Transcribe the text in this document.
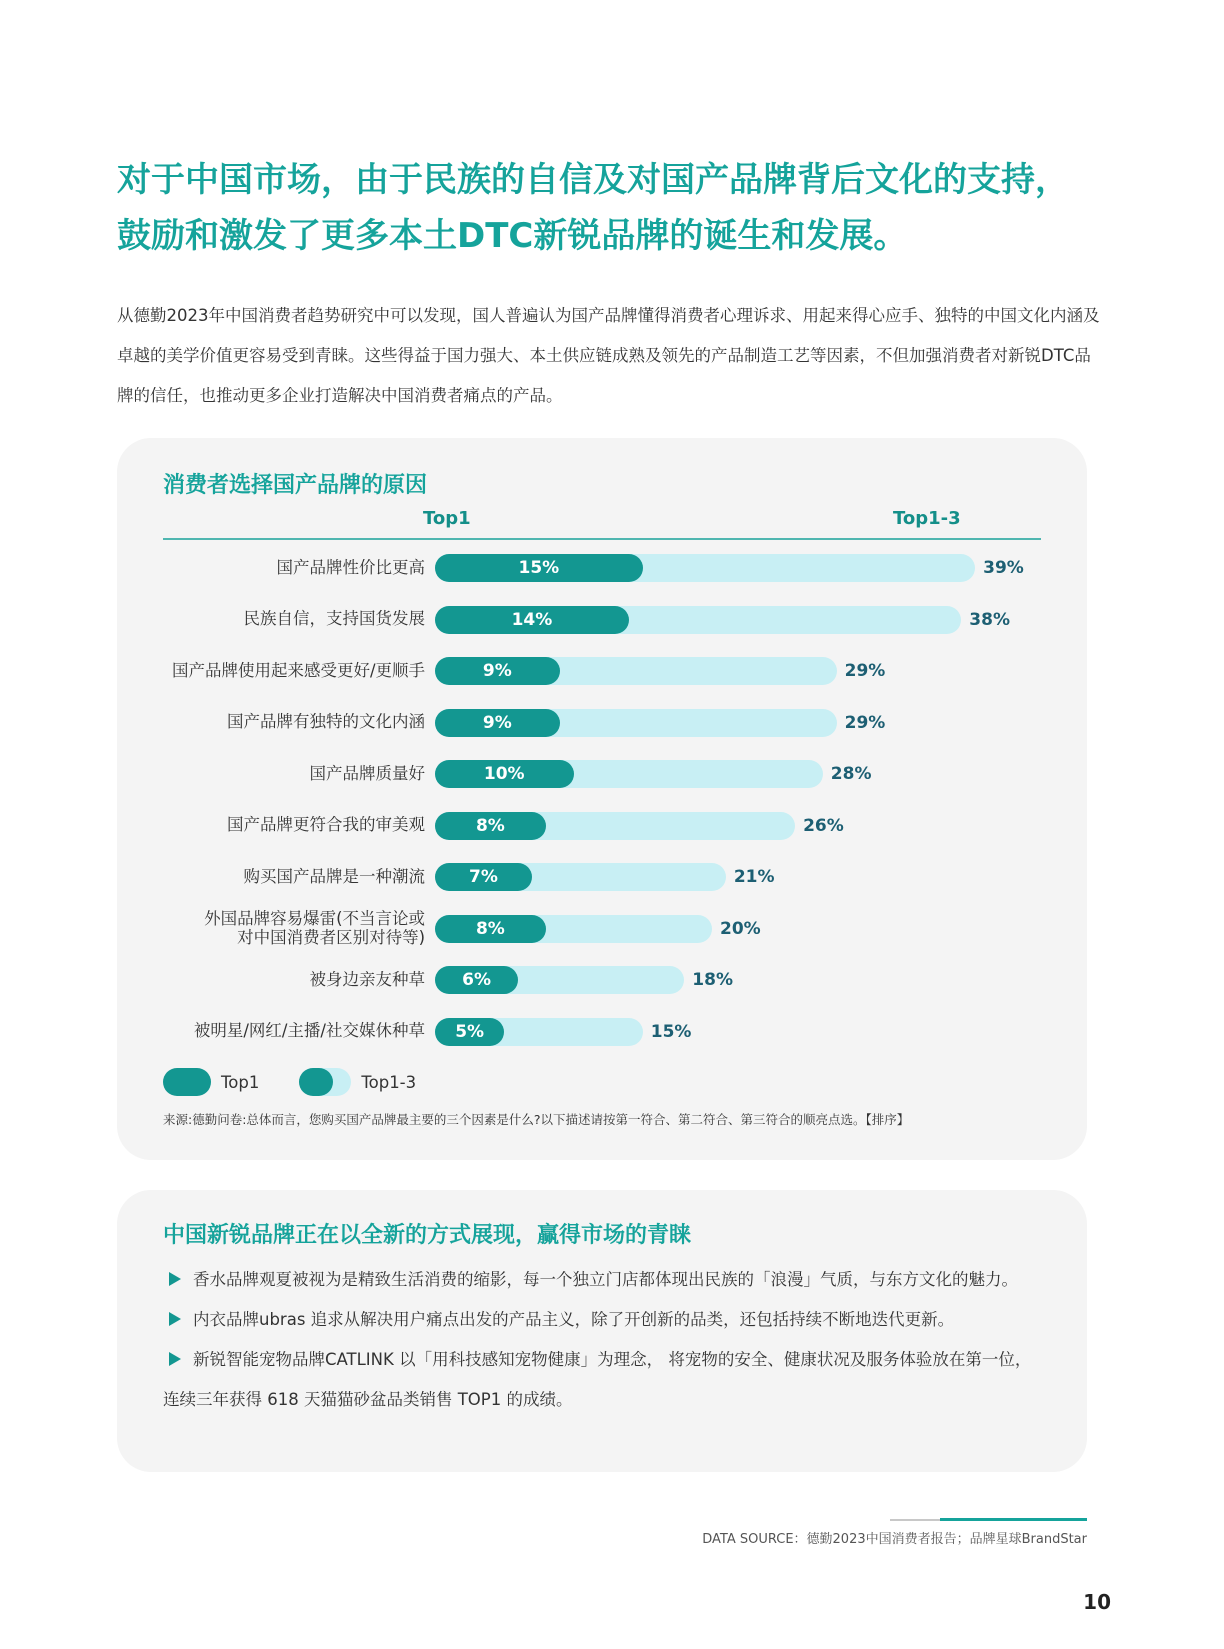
对于中国市场，由于民族的自信及对国产品牌背后文化的支持，
鼓励和激发了更多本土DTC新锐品牌的诞生和发展。

从德勤2023年中国消费者趋势研究中可以发现，国人普遍认为国产品牌懂得消费者心理诉求、用起来得心应手、独特的中国文化内涵及卓越的美学价值更容易受到青睐。这些得益于国力强大、本土供应链成熟及领先的产品制造工艺等因素，不但加强消费者对新锐DTC品牌的信任，也推动更多企业打造解决中国消费者痛点的产品。

消费者选择国产品牌的原因
Top1	Top1-3
国产品牌性价比更高	15%	39%
民族自信，支持国货发展	14%	38%
国产品牌使用起来感受更好/更顺手	9%	29%
国产品牌有独特的文化内涵	9%	29%
国产品牌质量好	10%	28%
国产品牌更符合我的审美观	8%	26%
购买国产品牌是一种潮流	7%	21%
外国品牌容易爆雷(不当言论或
对中国消费者区别对待等)	8%	20%
被身边亲友种草 6%	18%
被明星/网红/主播/社交媒休种草 5%	15%
Top1	Top1-3
来源:德勤问卷:总体而言，您购买国产品牌最主要的三个因素是什么?以下描述请按第一符合、第二符合、第三符合的顺亮点选。【排序】
中国新锐品牌正在以全新的方式展现，赢得市场的青睐
香水品牌观夏被视为是精致生活消费的缩影，每一个独立门店都体现出民族的「浪漫」气质，与东方文化的魅力。
内衣品牌ubras 追求从解决用户痛点出发的产品主义，除了开创新的品类，还包括持续不断地迭代更新。
新锐智能宠物品牌CATLINK 以「用科技感知宠物健康」为理念， 将宠物的安全、健康状况及服务体验放在第一位，连续三年获得 618 天猫猫砂盆品类销售 TOP1 的成绩。
DATA SOURCE：德勤2023中国消费者报告；品牌星球BrandStar
10
